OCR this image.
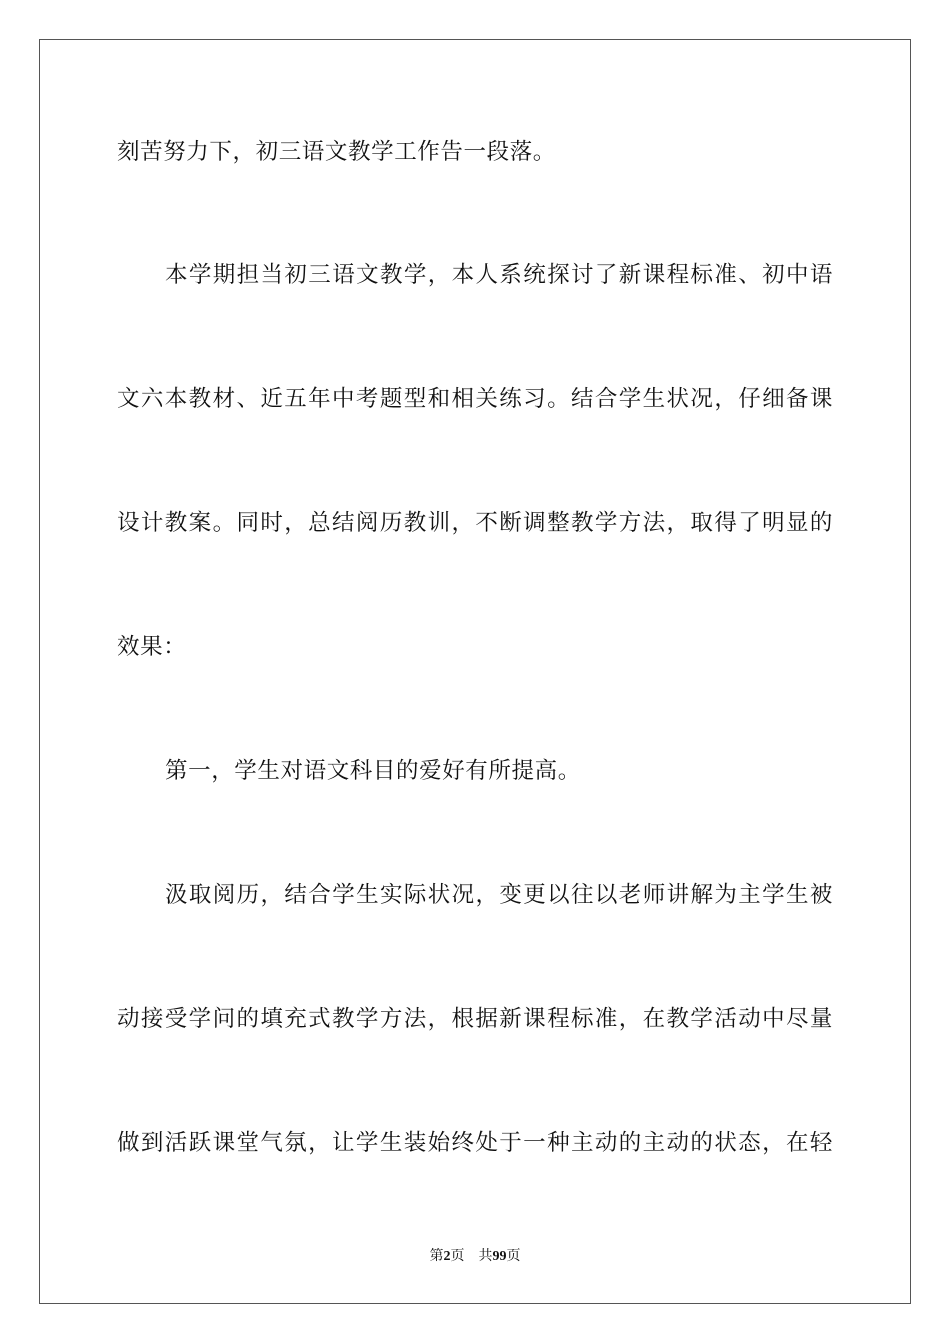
刻苦努力下，初三语文教学工作告一段落。
本学期担当初三语文教学，本人系统探讨了新课程标准、初中语
文六本教材、近五年中考题型和相关练习。结合学生状况，仔细备课
设计教案。同时，总结阅历教训，不断调整教学方法，取得了明显的
效果：
第一，学生对语文科目的爱好有所提高。
汲取阅历，结合学生实际状况，变更以往以老师讲解为主学生被
动接受学问的填充式教学方法，根据新课程标准，在教学活动中尽量
做到活跃课堂气氛，让学生装始终处于一种主动的主动的状态，在轻
第2页 共99页
